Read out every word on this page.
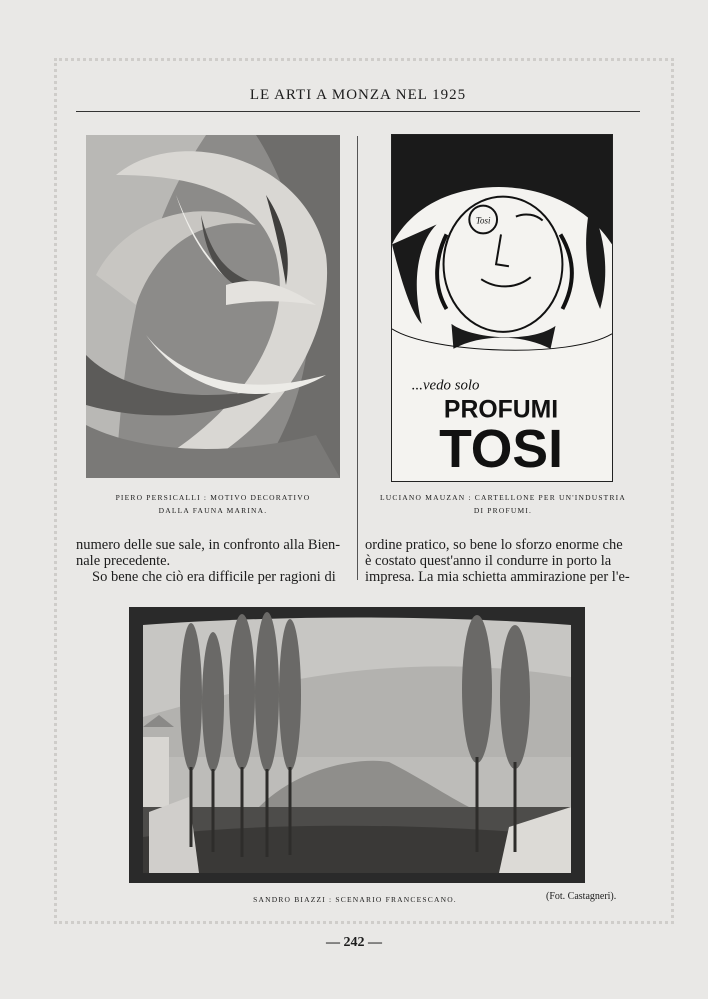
LE ARTI A MONZA NEL 1925
Tosi
...vedo solo
PROFUMI
TOSI
PIERO PERSICALLI : MOTIVO DECORATIVO
DALLA FAUNA MARINA.
LUCIANO MAUZAN : CARTELLONE PER UN'INDUSTRIA
DI PROFUMI.

numero delle sue sale, in confronto alla Bien-

nale precedente.

So bene che ciò era difficile per ragioni di

ordine pratico, so bene lo sforzo enorme che

è costato quest'anno il condurre in porto la

impresa. La mia schietta ammirazione per l'e-

SANDRO BIAZZI : SCENARIO FRANCESCANO.	(Fot. Castagneri).
— 242 —
